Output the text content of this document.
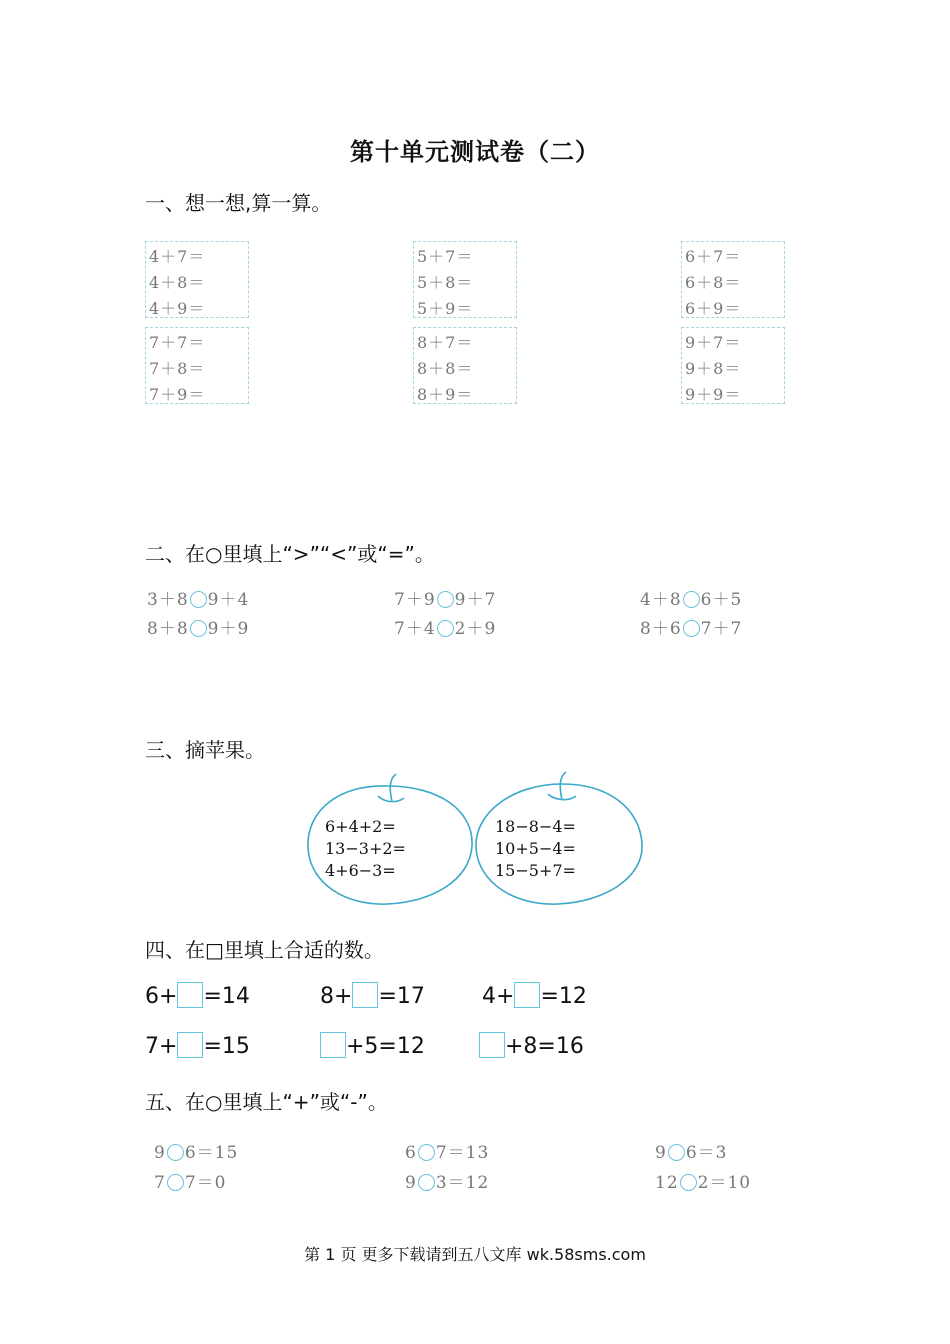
第十单元测试卷（二）
一、想一想,算一算。
4＋7＝
4＋8＝
4＋9＝
5＋7＝
5＋8＝
5＋9＝
6＋7＝
6＋8＝
6＋9＝
7＋7＝
7＋8＝
7＋9＝
8＋7＝
8＋8＝
8＋9＝
9＋7＝
9＋8＝
9＋9＝
二、在○里填上“>”“<”或“=”。
3＋8 9＋4	7＋9 9＋7	4＋8 6＋5
8＋8 9＋9	7＋4 2＋9	8＋6 7＋7
三、摘苹果。
6+4+2=
13−3+2=
4+6−3=
18−8−4=
10+5−4=
15−5+7=
四、在□里填上合适的数。
6+ =14	8+ =17	4+ =12
7+ =15	+5=12	+8=16
五、在○里填上“+”或“-”。
9 6＝15	6 7＝13	9 6＝3
7 7＝0	9 3＝12	12 2＝10
第 1 页 更多下载请到五八文库 wk.58sms.com
